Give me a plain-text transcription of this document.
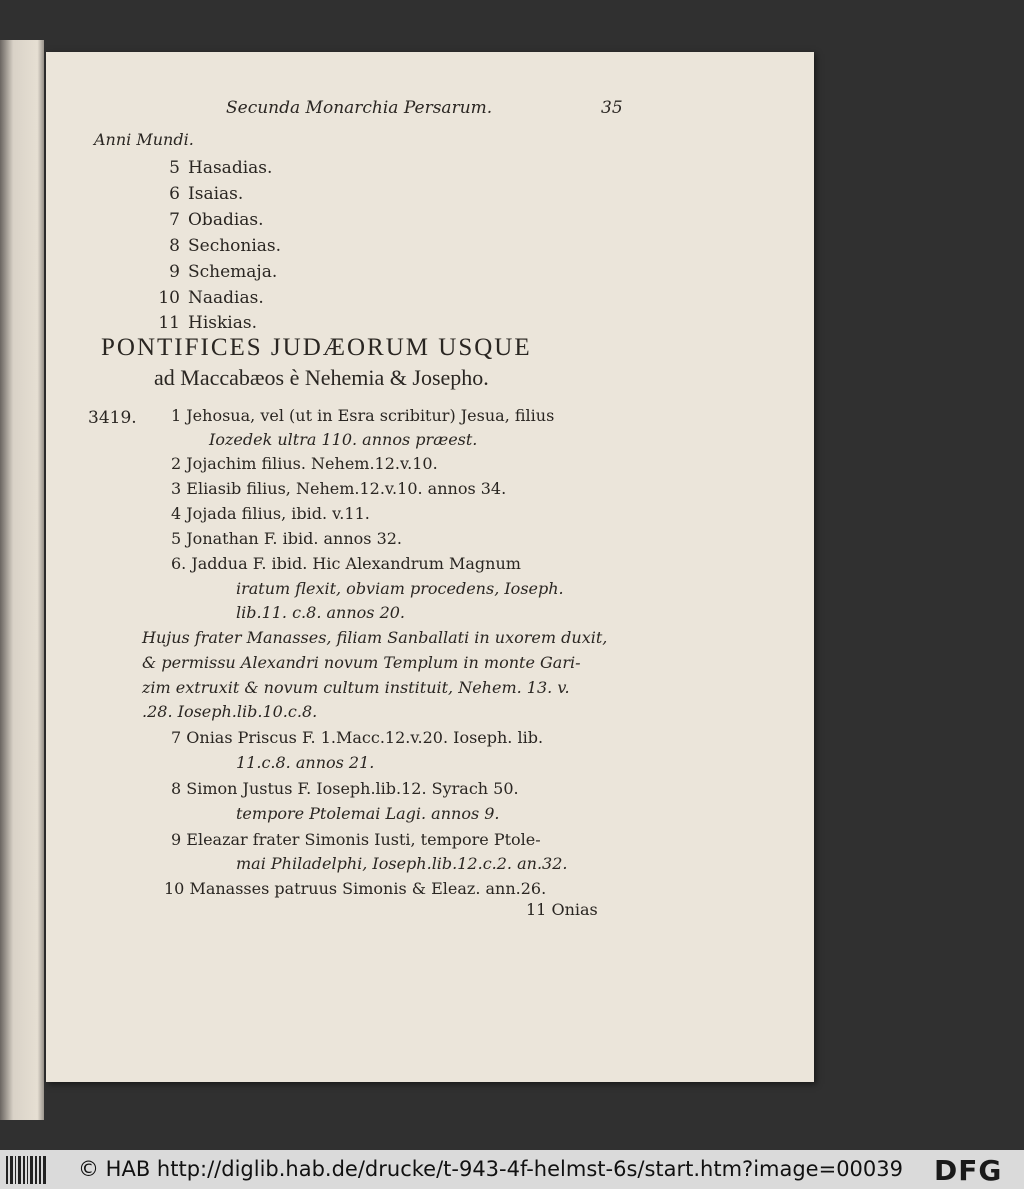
Secunda Monarchia Persarum.	35
Anni Mundi.
5 Hasadias.
6 Isaias.
7 Obadias.
8 Sechonias.
9 Schemaja.
10 Naadias.
11 Hiskias.
PONTIFICES JUDÆORUM USQUE
ad Maccabæos è Nehemia & Josepho.
3419. 1 Jehosua, vel (ut in Esra scribitur) Jesua, filius
Iozedek ultra 110. annos præest.
2 Jojachim filius. Nehem.12.v.10.
3 Eliasib filius, Nehem.12.v.10. annos 34.
4 Jojada filius, ibid. v.11.
5 Jonathan F. ibid. annos 32.
6. Jaddua F. ibid. Hic Alexandrum Magnum
iratum flexit, obviam procedens, Ioseph.
lib.11. c.8. annos 20.
Hujus frater Manasses, filiam Sanballati in uxorem duxit,
& permissu Alexandri novum Templum in monte Gari-
zim extruxit & novum cultum instituit, Nehem. 13. v.
.28. Ioseph.lib.10.c.8.
7 Onias Priscus F. 1.Macc.12.v.20. Ioseph. lib.
11.c.8. annos 21.
8 Simon Justus F. Ioseph.lib.12. Syrach 50.
tempore Ptolemai Lagi. annos 9.
9 Eleazar frater Simonis Iusti, tempore Ptole-
mai Philadelphi, Ioseph.lib.12.c.2. an.32.
10 Manasses patruus Simonis & Eleaz. ann.26.
11 Onias
© HAB http://diglib.hab.de/drucke/t-943-4f-helmst-6s/start.htm?image=00039 DFG
